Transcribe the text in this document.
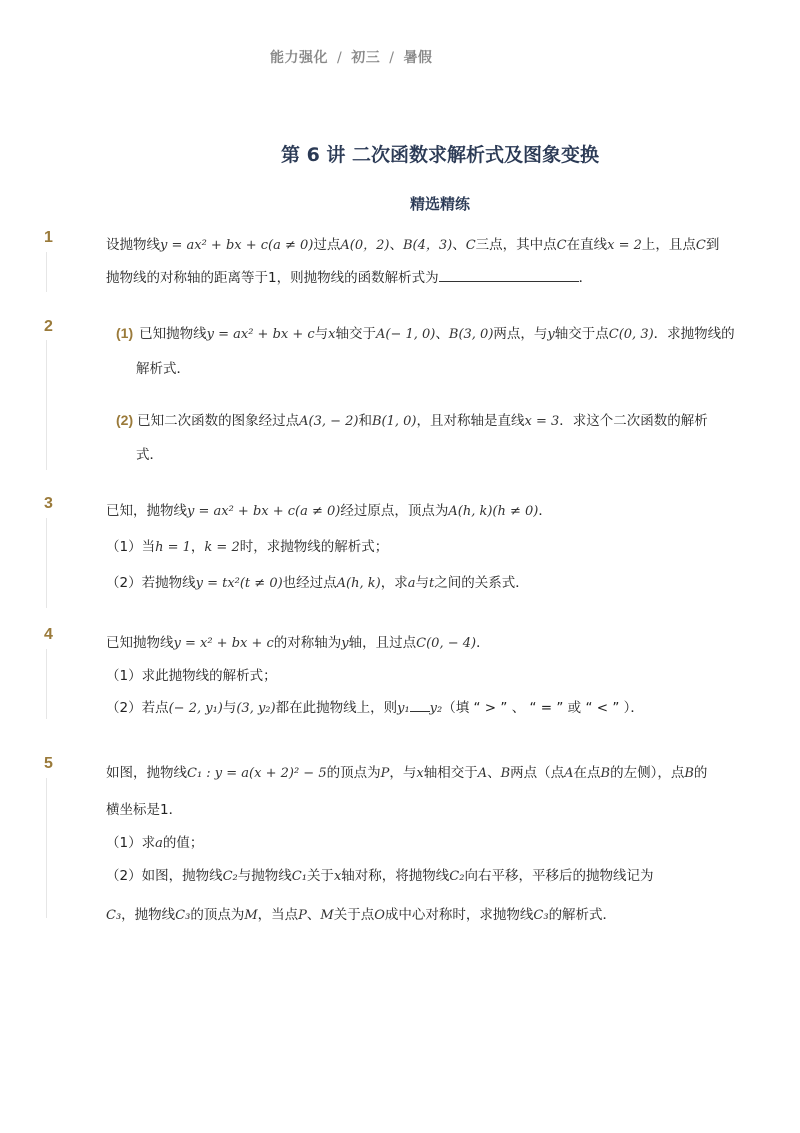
能力强化 / 初三 / 暑假
第 6 讲 二次函数求解析式及图象变换
精选精练
1	设抛物线y = ax² + bx + c(a ≠ 0)过点A(0，2)、B(4，3)、C三点，其中点C在直线x = 2上，且点C到
抛物线的对称轴的距离等于1，则抛物线的函数解析式为	．
2	(1) 已知抛物线y = ax² + bx + c与x轴交于A(− 1, 0)、B(3, 0)两点，与y轴交于点C(0, 3)．求抛物线的
解析式．
(2) 已知二次函数的图象经过点A(3, − 2)和B(1, 0)，且对称轴是直线x = 3．求这个二次函数的解析
式．
3	已知，抛物线y = ax² + bx + c(a ≠ 0)经过原点，顶点为A(h, k)(h ≠ 0)．
（1）当h = 1，k = 2时，求抛物线的解析式；
（2）若抛物线y = tx²(t ≠ 0)也经过点A(h, k)，求a与t之间的关系式．
4	已知抛物线y = x² + bx + c的对称轴为y轴，且过点C(0, − 4)．
（1）求此抛物线的解析式；
（2）若点(− 2, y₁)与(3, y₂)都在此抛物线上，则y₁ y₂（填 “ > ” 、 “ = ” 或 “ < ” ）．
5
如图，抛物线C₁ : y = a(x + 2)² − 5的顶点为P，与x轴相交于A、B两点（点A在点B的左侧），点B的
横坐标是1．
（1）求a的值；
（2）如图，抛物线C₂与抛物线C₁关于x轴对称，将抛物线C₂向右平移，平移后的抛物线记为
C₃，抛物线C₃的顶点为M，当点P、M关于点O成中心对称时，求抛物线C₃的解析式．
